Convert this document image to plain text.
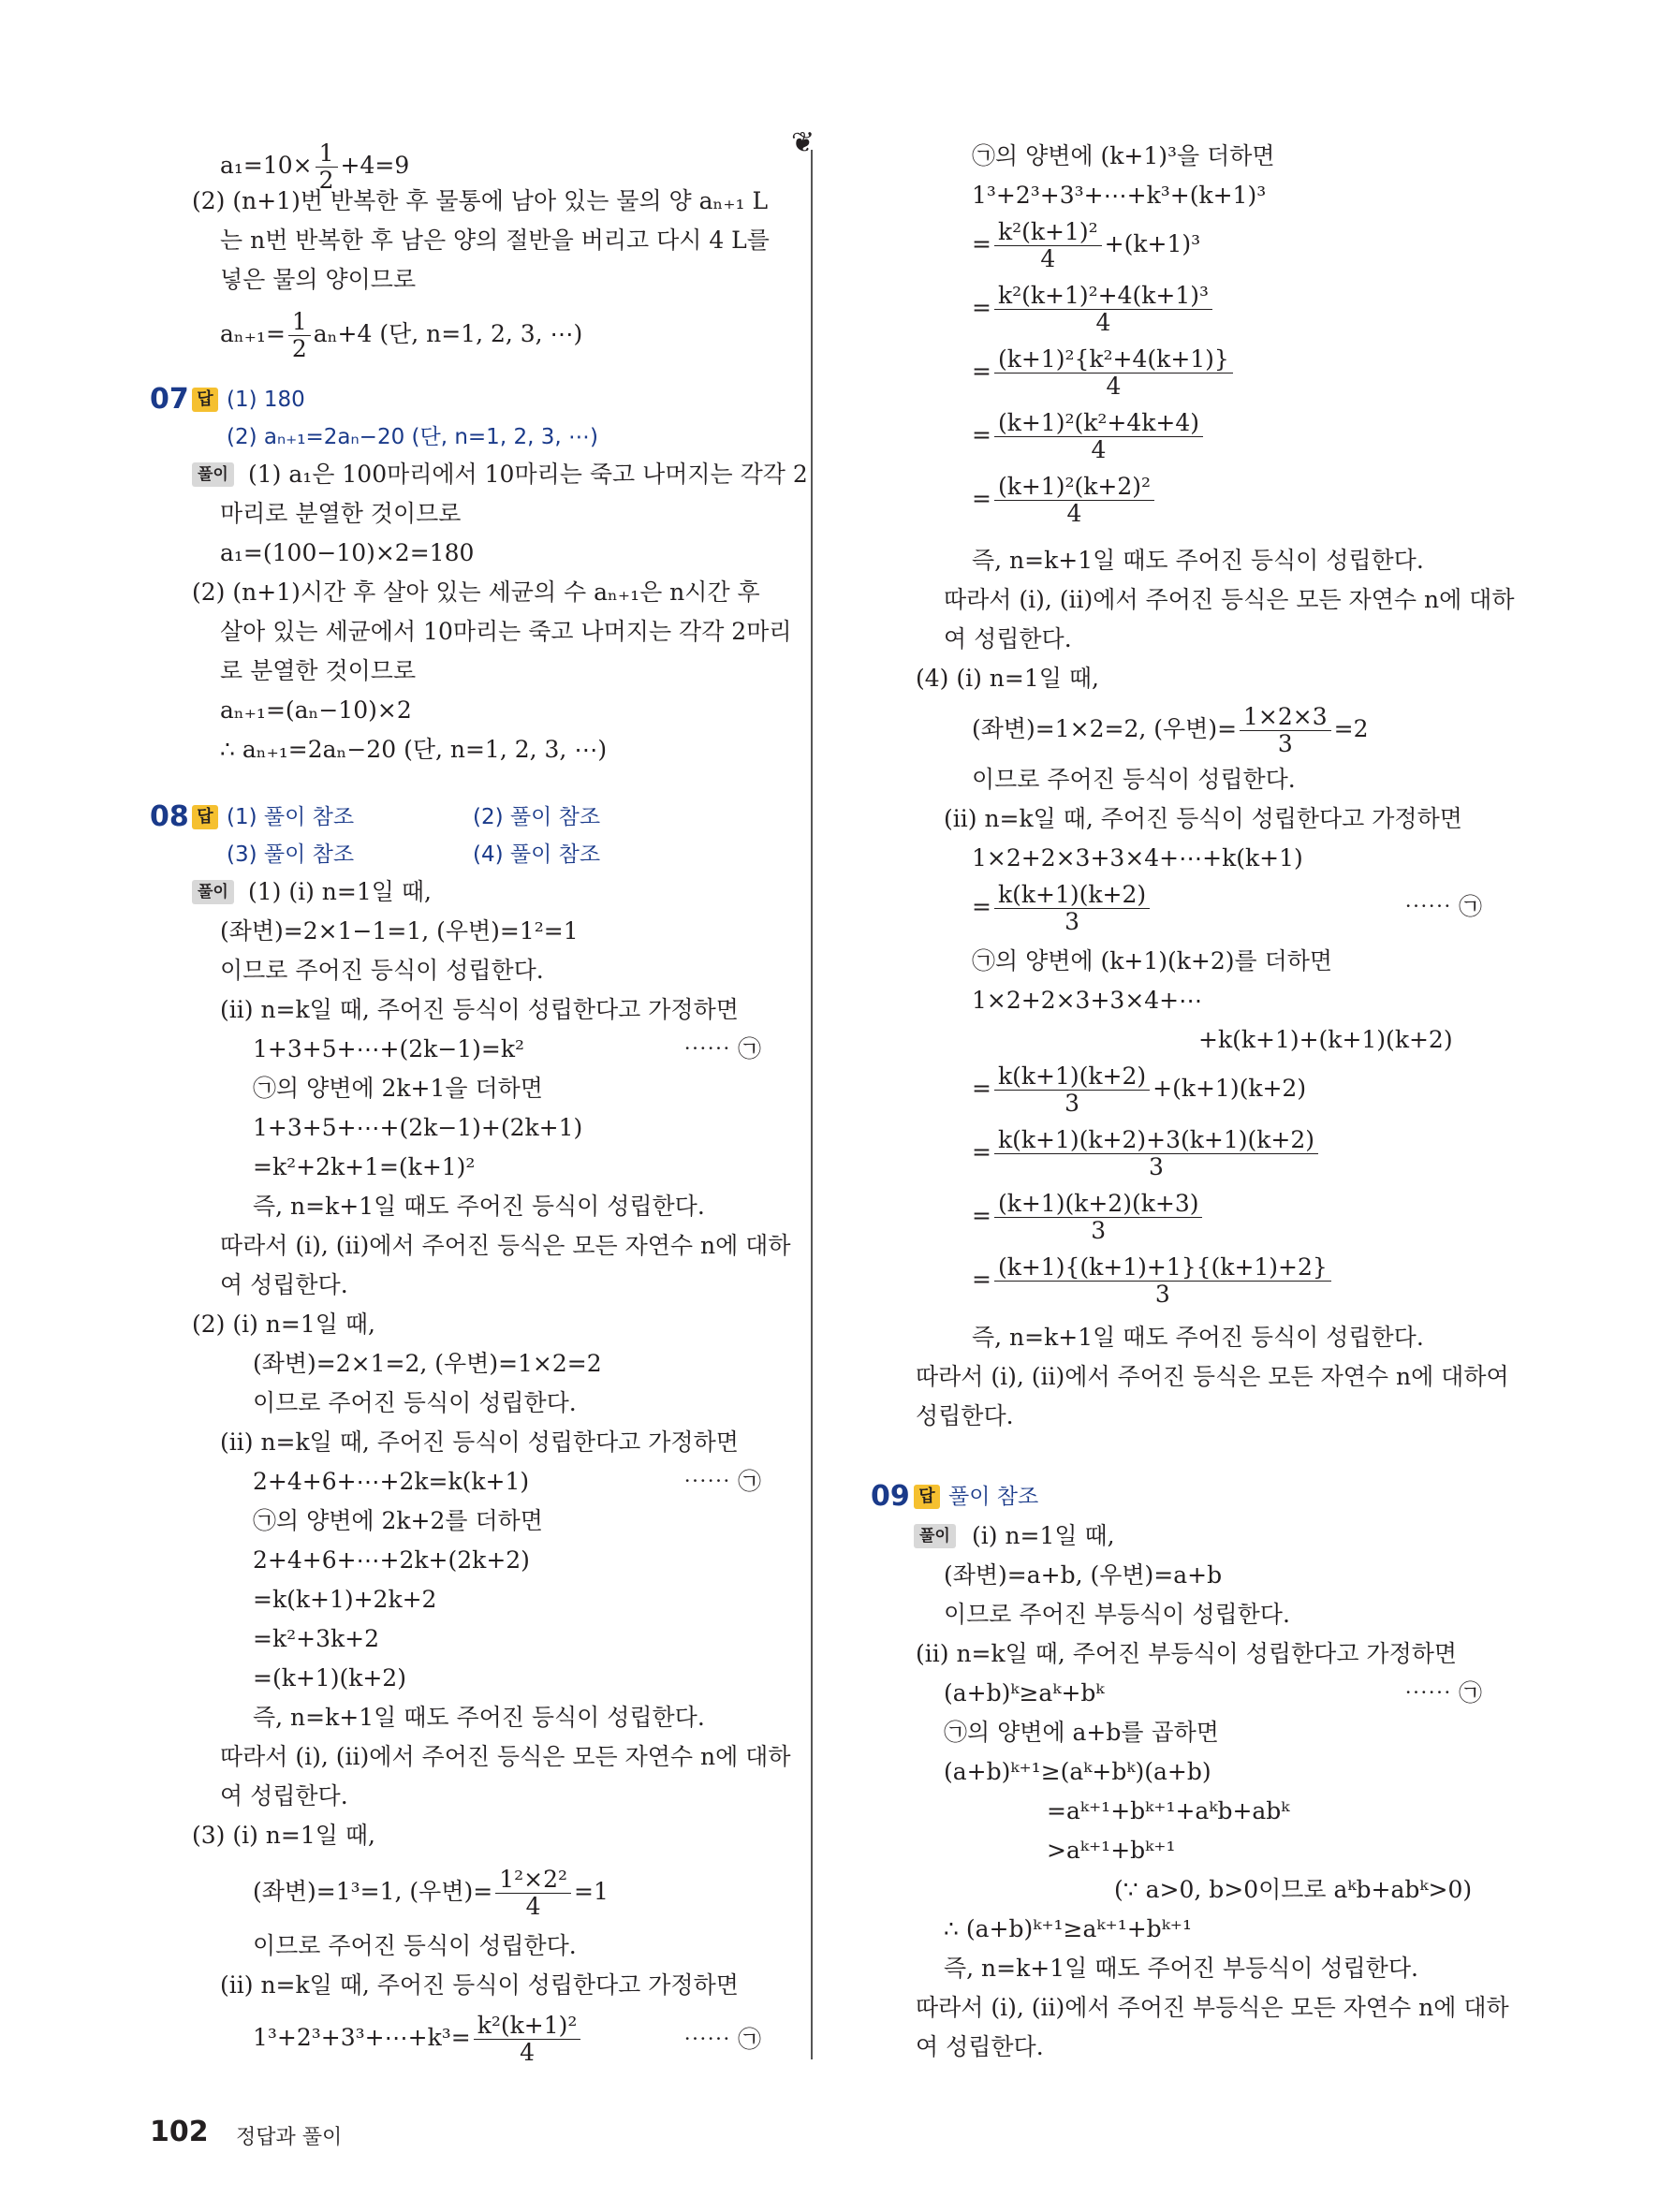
$a_1=10\times \frac{1}{2} +4=9$
(2) (n+1)번 반복한 후 물통에 남아 있는 물의 양 aₙ₊₁ L
는 n번 반복한 후 남은 양의 절반을 버리고 다시 4 L를
넣은 물의 양이므로
$a_{n+1}= \frac{1}{2} a_n+4$ (단, n=1, 2, 3, ⋯)
07 답 (1) 180
(2) aₙ₊₁=2aₙ−20 (단, n=1, 2, 3, ⋯)
풀이 (1) a₁은 100마리에서 10마리는 죽고 나머지는 각각 2
마리로 분열한 것이므로
a₁=(100−10)×2=180
(2) (n+1)시간 후 살아 있는 세균의 수 aₙ₊₁은 n시간 후
살아 있는 세균에서 10마리는 죽고 나머지는 각각 2마리
로 분열한 것이므로
aₙ₊₁=(aₙ−10)×2
∴ aₙ₊₁=2aₙ−20 (단, n=1, 2, 3, ⋯)
08 답 (1) 풀이 참조	(2) 풀이 참조
(3) 풀이 참조	(4) 풀이 참조
풀이 (1) (ⅰ) n=1일 때,
(좌변)=2×1−1=1, (우변)=1²=1
이므로 주어진 등식이 성립한다.
(ⅱ) n=k일 때, 주어진 등식이 성립한다고 가정하면
1+3+5+⋯+(2k−1)=k²	⋯⋯ ㉠
㉠의 양변에 2k+1을 더하면
1+3+5+⋯+(2k−1)+(2k+1)
=k²+2k+1=(k+1)²
즉, n=k+1일 때도 주어진 등식이 성립한다.
따라서 (ⅰ), (ⅱ)에서 주어진 등식은 모든 자연수 n에 대하
여 성립한다.
(2) (ⅰ) n=1일 때,
(좌변)=2×1=2, (우변)=1×2=2
이므로 주어진 등식이 성립한다.
(ⅱ) n=k일 때, 주어진 등식이 성립한다고 가정하면
2+4+6+⋯+2k=k(k+1)	⋯⋯ ㉠
㉠의 양변에 2k+2를 더하면
2+4+6+⋯+2k+(2k+2)
=k(k+1)+2k+2
=k²+3k+2
=(k+1)(k+2)
즉, n=k+1일 때도 주어진 등식이 성립한다.
따라서 (ⅰ), (ⅱ)에서 주어진 등식은 모든 자연수 n에 대하
여 성립한다.
(3) (ⅰ) n=1일 때,
(좌변)=1³=1, (우변)= $\frac{\text{1²×2²}}{4} =1$
이므로 주어진 등식이 성립한다.
(ⅱ) n=k일 때, 주어진 등식이 성립한다고 가정하면
1³+2³+3³+⋯+k³= $\frac{\text{k²(k+1)²}}{4}$	⋯⋯ ㉠
❦	㉠의 양변에 (k+1)³을 더하면
1³+2³+3³+⋯+k³+(k+1)³
= $\frac{\text{k²(k+1)²}}{4} +(k+1)^3$
= $\frac{\text{k²(k+1)²+4(k+1)³}}{4}$
= $\frac{\text{(k+1)²\{k²+4(k+1)\}}}{4}$
= $\frac{\text{(k+1)²(k²+4k+4)}}{4}$
= $\frac{\text{(k+1)²(k+2)²}}{4}$
즉, n=k+1일 때도 주어진 등식이 성립한다.
따라서 (ⅰ), (ⅱ)에서 주어진 등식은 모든 자연수 n에 대하
여 성립한다.
(4) (ⅰ) n=1일 때,
(좌변)=1×2=2, (우변)= $\frac{1\times 2\times 3}{3} =2$
이므로 주어진 등식이 성립한다.
(ⅱ) n=k일 때, 주어진 등식이 성립한다고 가정하면
1×2+2×3+3×4+⋯+k(k+1)
= $\frac{k(k+1)(k+2)}{3}$	⋯⋯ ㉠
㉠의 양변에 (k+1)(k+2)를 더하면
1×2+2×3+3×4+⋯
+k(k+1)+(k+1)(k+2)
= $\frac{k(k+1)(k+2)}{3} +(k+1)(k+2)$
= $\frac{k(k+1)(k+2)+3(k+1)(k+2)}{3}$
= $\frac{(k+1)(k+2)(k+3)}{3}$
= $\frac{(k+1)\{(k+1)+1\}\{(k+1)+2\}}{3}$
즉, n=k+1일 때도 주어진 등식이 성립한다.
따라서 (ⅰ), (ⅱ)에서 주어진 등식은 모든 자연수 n에 대하여
성립한다.
09 답 풀이 참조
풀이 (ⅰ) n=1일 때,
(좌변)=a+b, (우변)=a+b
이므로 주어진 부등식이 성립한다.
(ⅱ) n=k일 때, 주어진 부등식이 성립한다고 가정하면
(a+b)ᵏ≥aᵏ+bᵏ	⋯⋯ ㉠
㉠의 양변에 a+b를 곱하면
(a+b)ᵏ⁺¹≥(aᵏ+bᵏ)(a+b)
=aᵏ⁺¹+bᵏ⁺¹+aᵏb+abᵏ
>aᵏ⁺¹+bᵏ⁺¹
(∵ a>0, b>0이므로 aᵏb+abᵏ>0)
∴ (a+b)ᵏ⁺¹≥aᵏ⁺¹+bᵏ⁺¹
즉, n=k+1일 때도 주어진 부등식이 성립한다.
따라서 (ⅰ), (ⅱ)에서 주어진 부등식은 모든 자연수 n에 대하
여 성립한다.
102 정답과 풀이
